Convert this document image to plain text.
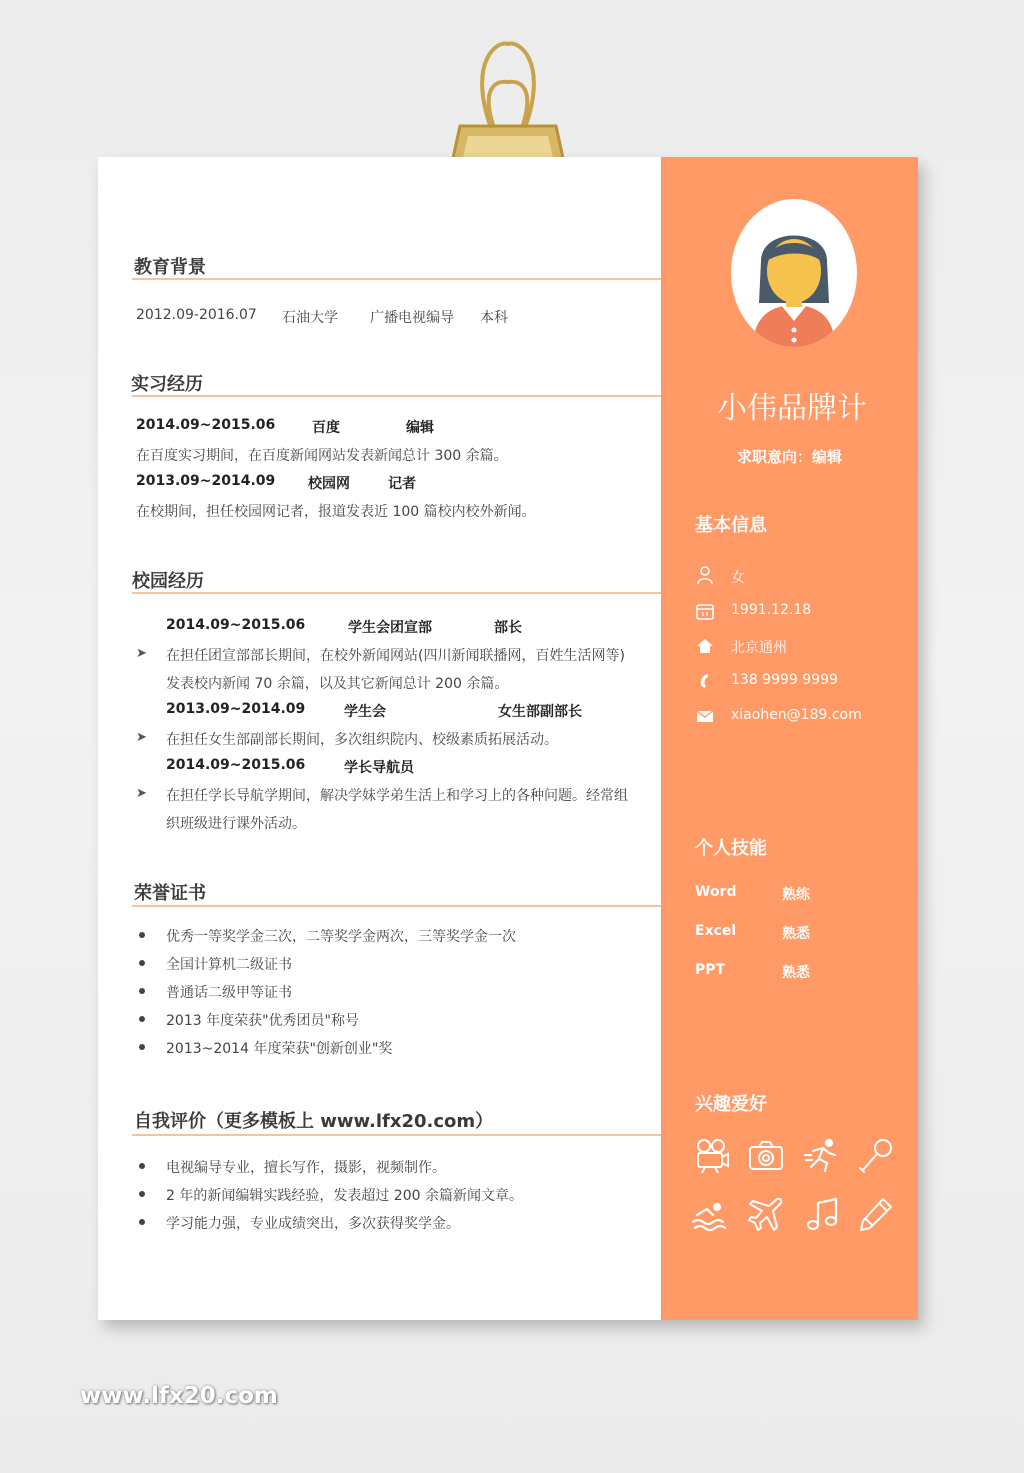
教育背景
2012.09-2016.07 石油大学 广播电视编导 本科
实习经历
2014.09~2015.06	百度	编辑
在百度实习期间，在百度新闻网站发表新闻总计 300 余篇。
2013.09~2014.09 校园网	记者
在校期间，担任校园网记者，报道发表近 100 篇校内校外新闻。
校园经历
2014.09~2015.06	学生会团宣部	部长
➤ 在担任团宣部部长期间，在校外新闻网站(四川新闻联播网，百姓生活网等)
发表校内新闻 70 余篇，以及其它新闻总计 200 余篇。
2013.09~2014.09	学生会	女生部副部长
➤ 在担任女生部副部长期间，多次组织院内、校级素质拓展活动。
2014.09~2015.06	学长导航员
➤ 在担任学长导航学期间，解决学妹学弟生活上和学习上的各种问题。经常组
织班级进行课外活动。
荣誉证书
优秀一等奖学金三次，二等奖学金两次，三等奖学金一次
全国计算机二级证书
普通话二级甲等证书
2013 年度荣获"优秀团员"称号
2013~2014 年度荣获"创新创业"奖
自我评价（更多模板上 www.lfx20.com）
电视编导专业，擅长写作，摄影，视频制作。
2 年的新闻编辑实践经验，发表超过 200 余篇新闻文章。
学习能力强，专业成绩突出，多次获得奖学金。
小伟品牌计
求职意向：编辑
基本信息
女
1991.12.18
北京通州
138 9999 9999
xiaohen@189.com
个人技能
Word	熟练
Excel	熟悉
PPT	熟悉
兴趣爱好
www.lfx20.com
